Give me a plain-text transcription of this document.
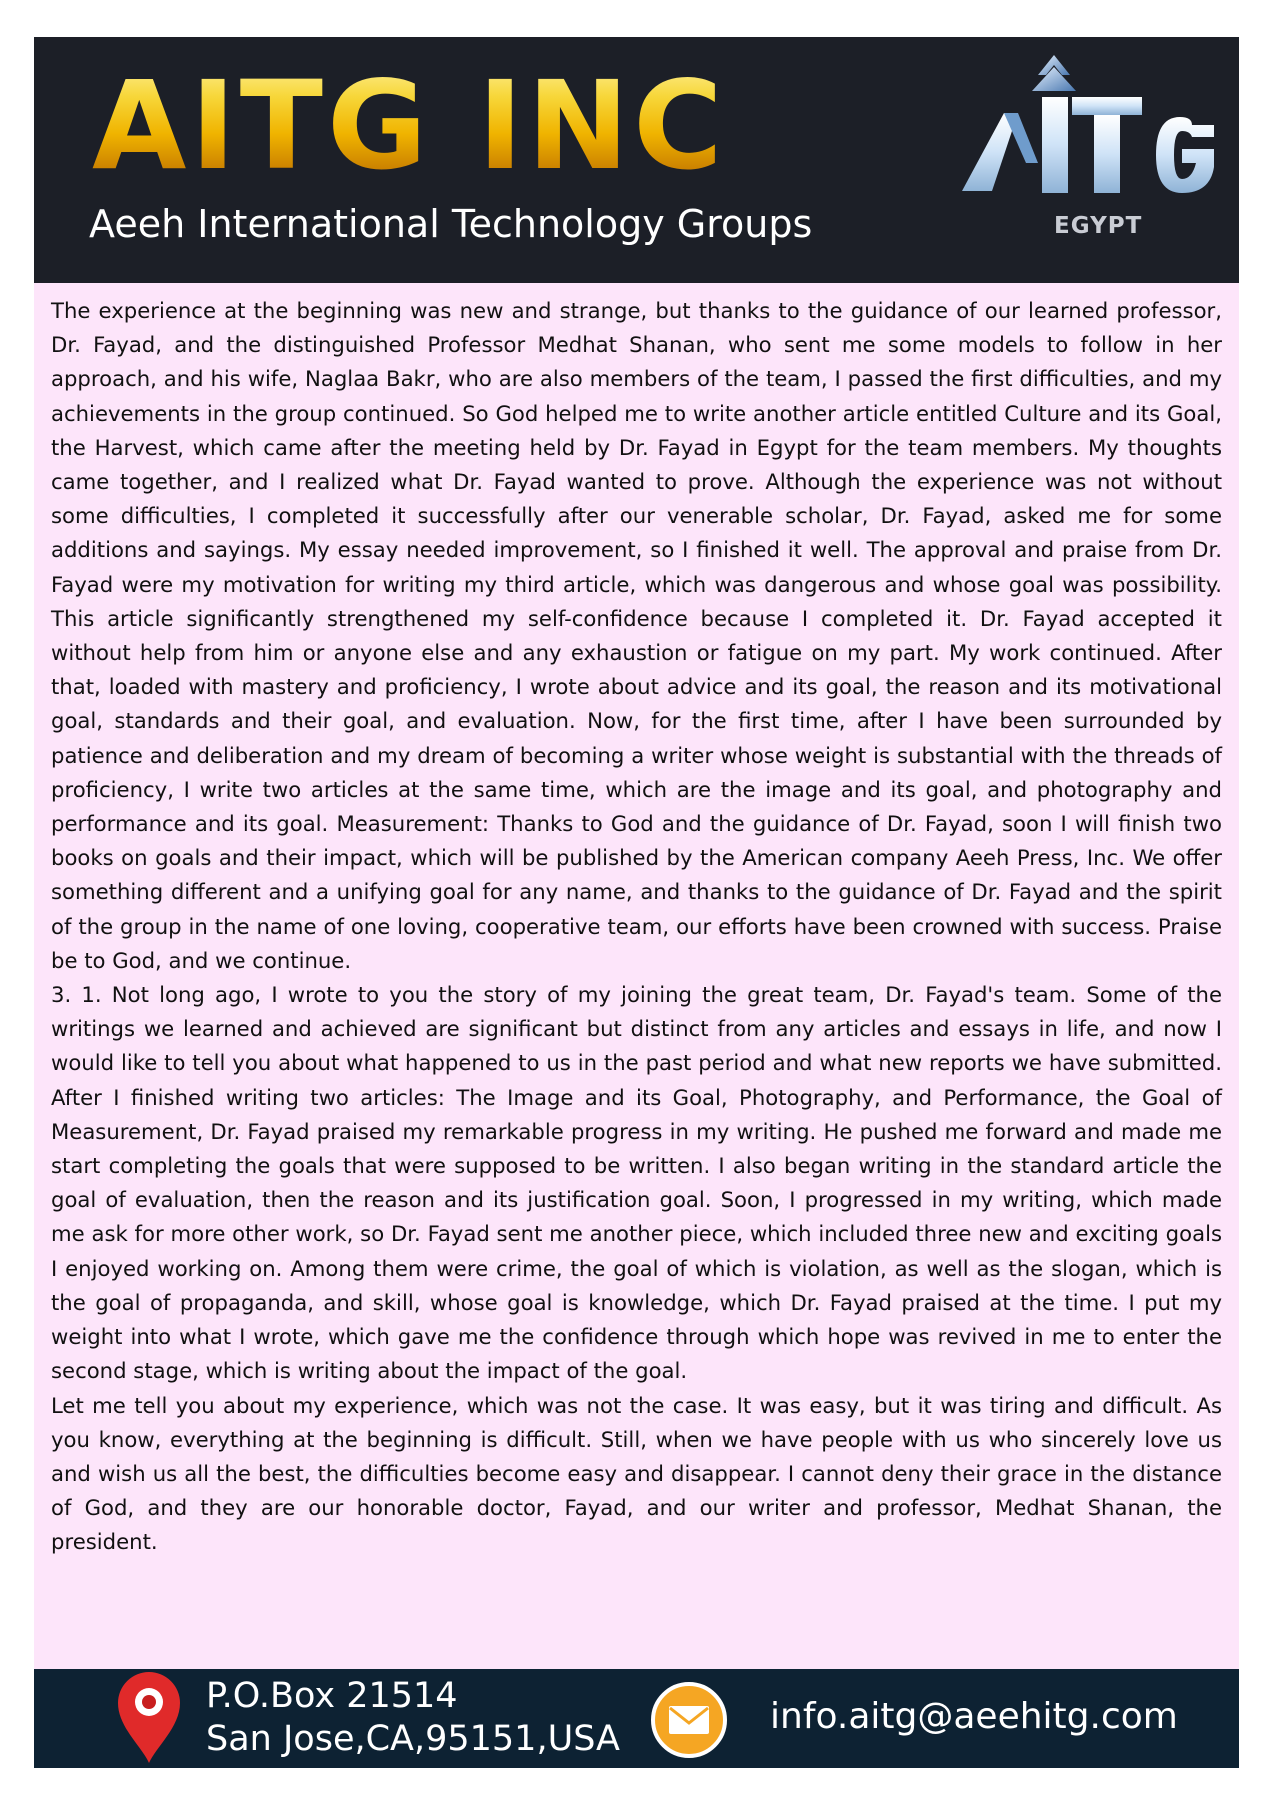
AITG INC

Aeeh International Technology Groups	EGYPT

The experience at the beginning was new and strange, but thanks to the guidance of our learned professor, Dr. Fayad, and the distinguished Professor Medhat Shanan, who sent me some models to follow in her approach, and his wife, Naglaa Bakr, who are also members of the team, I passed the first difficulties, and my achievements in the group continued. So God helped me to write another article entitled Culture and its Goal, the Harvest, which came after the meeting held by Dr. Fayad in Egypt for the team members. My thoughts came together, and I realized what Dr. Fayad wanted to prove. Although the experience was not without some difficulties, I completed it successfully after our venerable scholar, Dr. Fayad, asked me for some additions and sayings. My essay needed improvement, so I finished it well. The approval and praise from Dr. Fayad were my motivation for writing my third article, which was dangerous and whose goal was possibility. This article significantly strengthened my self-confidence because I completed it. Dr. Fayad accepted it without help from him or anyone else and any exhaustion or fatigue on my part. My work continued. After that, loaded with mastery and proficiency, I wrote about advice and its goal, the reason and its motivational goal, standards and their goal, and evaluation. Now, for the first time, after I have been surrounded by patience and deliberation and my dream of becoming a writer whose weight is substantial with the threads of proficiency, I write two articles at the same time, which are the image and its goal, and photography and performance and its goal. Measurement: Thanks to God and the guidance of Dr. Fayad, soon I will finish two books on goals and their impact, which will be published by the American company Aeeh Press, Inc. We offer something different and a unifying goal for any name, and thanks to the guidance of Dr. Fayad and the spirit of the group in the name of one loving, cooperative team, our efforts have been crowned with success. Praise be to God, and we continue.

3. 1. Not long ago, I wrote to you the story of my joining the great team, Dr. Fayad's team. Some of the writings we learned and achieved are significant but distinct from any articles and essays in life, and now I would like to tell you about what happened to us in the past period and what new reports we have submitted. After I finished writing two articles: The Image and its Goal, Photography, and Performance, the Goal of Measurement, Dr. Fayad praised my remarkable progress in my writing. He pushed me forward and made me start completing the goals that were supposed to be written. I also began writing in the standard article the goal of evaluation, then the reason and its justification goal. Soon, I progressed in my writing, which made me ask for more other work, so Dr. Fayad sent me another piece, which included three new and exciting goals I enjoyed working on. Among them were crime, the goal of which is violation, as well as the slogan, which is the goal of propaganda, and skill, whose goal is knowledge, which Dr. Fayad praised at the time. I put my weight into what I wrote, which gave me the confidence through which hope was revived in me to enter the second stage, which is writing about the impact of the goal.

Let me tell you about my experience, which was not the case. It was easy, but it was tiring and difficult. As you know, everything at the beginning is difficult. Still, when we have people with us who sincerely love us and wish us all the best, the difficulties become easy and disappear. I cannot deny their grace in the distance of God, and they are our honorable doctor, Fayad, and our writer and professor, Medhat Shanan, the president.

P.O.Box 21514
San Jose,CA,95151,USA
info.aitg@aeehitg.com
